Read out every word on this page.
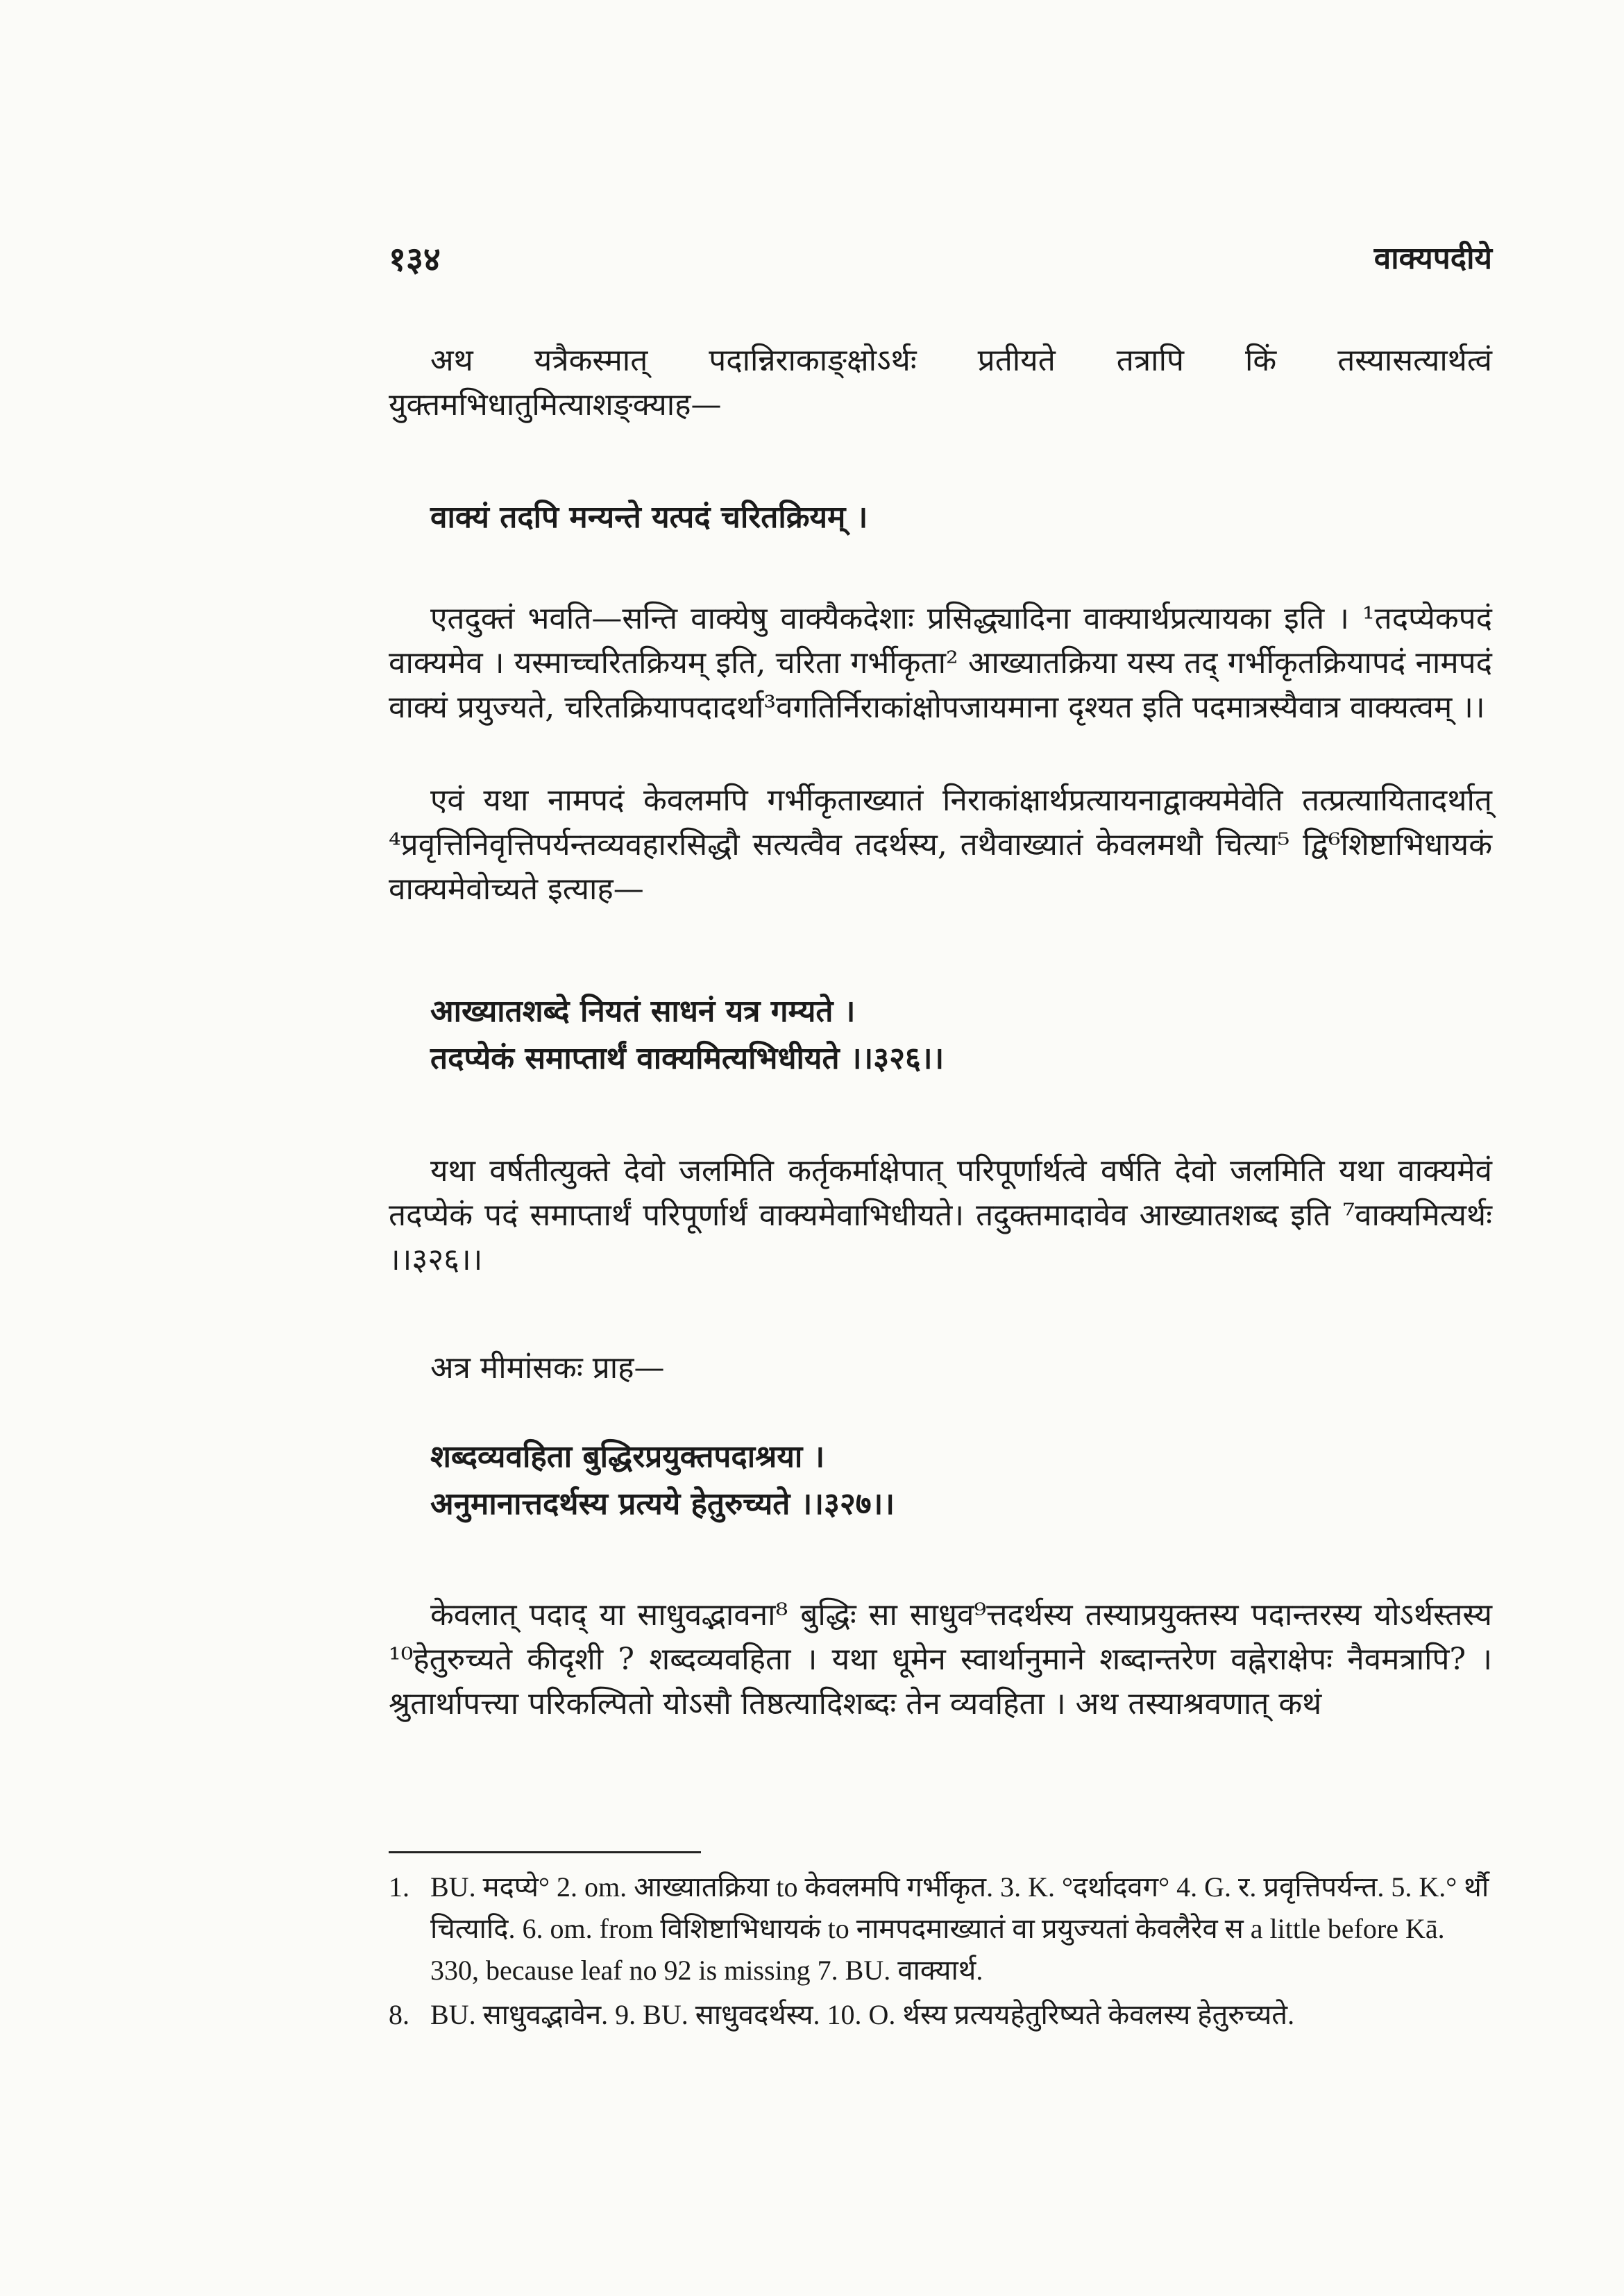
१३४	वाक्यपदीये
अथ यत्रैकस्मात् पदान्निराकाङ्क्षोऽर्थः प्रतीयते तत्रापि किं तस्यासत्यार्थत्वं युक्तमभिधातुमित्याशङ्क्याह—
वाक्यं तदपि मन्यन्ते यत्पदं चरितक्रियम् ।
एतदुक्तं भवति—सन्ति वाक्येषु वाक्यैकदेशाः प्रसिद्ध्यादिना वाक्यार्थप्रत्यायका इति । ¹तदप्येकपदं वाक्यमेव । यस्माच्चरितक्रियम् इति, चरिता गर्भीकृता² आख्यातक्रिया यस्य तद् गर्भीकृतक्रियापदं नामपदं वाक्यं प्रयुज्यते, चरितक्रियापदादर्था³वगतिर्निराकांक्षोपजायमाना दृश्यत इति पदमात्रस्यैवात्र वाक्यत्वम् ।।
एवं यथा नामपदं केवलमपि गर्भीकृताख्यातं निराकांक्षार्थप्रत्यायनाद्वाक्यमेवेति तत्प्रत्यायितादर्थात् ⁴प्रवृत्तिनिवृत्तिपर्यन्तव्यवहारसिद्धौ सत्यत्वैव तदर्थस्य, तथैवाख्यातं केवलमथौ चित्या⁵ द्वि⁶शिष्टाभिधायकं वाक्यमेवोच्यते इत्याह—
आख्यातशब्दे नियतं साधनं यत्र गम्यते ।
तदप्येकं समाप्तार्थं वाक्यमित्यभिधीयते ।।३२६।।
यथा वर्षतीत्युक्ते देवो जलमिति कर्तृकर्माक्षेपात् परिपूर्णार्थत्वे वर्षति देवो जलमिति यथा वाक्यमेवं तदप्येकं पदं समाप्तार्थं परिपूर्णार्थं वाक्यमेवाभिधीयते। तदुक्तमादावेव आख्यातशब्द इति ⁷वाक्यमित्यर्थः ।।३२६।।
अत्र मीमांसकः प्राह—
शब्दव्यवहिता बुद्धिरप्रयुक्तपदाश्रया ।
अनुमानात्तदर्थस्य प्रत्यये हेतुरुच्यते ।।३२७।।
केवलात् पदाद् या साधुवद्भावना⁸ बुद्धिः सा साधुव⁹त्तदर्थस्य तस्याप्रयुक्तस्य पदान्तरस्य योऽर्थस्तस्य ¹⁰हेतुरुच्यते कीदृशी ? शब्दव्यवहिता । यथा धूमेन स्वार्थानुमाने शब्दान्तरेण वह्नेराक्षेपः नैवमत्रापि? । श्रुतार्थापत्त्या परिकल्पितो योऽसौ तिष्ठत्यादिशब्दः तेन व्यवहिता । अथ तस्याश्रवणात् कथं
1. BU. मदप्ये° 2. om. आख्यातक्रिया to केवलमपि गर्भीकृत. 3. K. °दर्थादवग° 4. G. र. प्रवृत्तिपर्यन्त. 5. K.° र्थौ चित्यादि. 6. om. from विशिष्टाभिधायकं to नामपदमाख्यातं वा प्रयुज्यतां केवलैरेव स a little before Kā. 330, because leaf no 92 is missing 7. BU. वाक्यार्थ.
8. BU. साधुवद्भावेन. 9. BU. साधुवदर्थस्य. 10. O. र्थस्य प्रत्ययहेतुरिष्यते केवलस्य हेतुरुच्यते.
